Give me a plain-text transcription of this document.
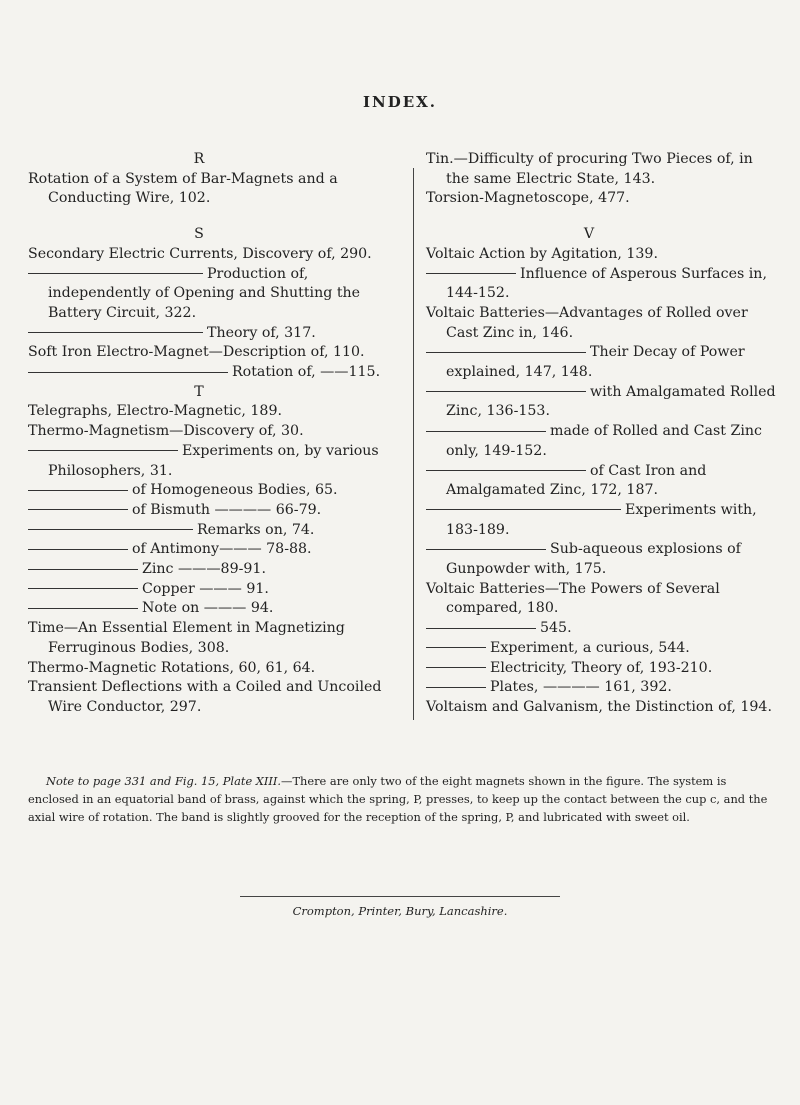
INDEX.

R

Rotation of a System of Bar-Magnets and a Conducting Wire, 102.

S

Secondary Electric Currents, Discovery of, 290.

Production of, independently of Opening and Shutting the Battery Circuit, 322.

Theory of, 317.

Soft Iron Electro-Magnet—Description of, 110.

Rotation of, ——115.

T

Telegraphs, Electro-Magnetic, 189.

Thermo-Magnetism—Discovery of, 30.

Experiments on, by various Philosophers, 31.

of Homogeneous Bodies, 65.

of Bismuth ———— 66-79.

Remarks on, 74.

of Antimony——— 78-88.

Zinc ———89-91.

Copper ——— 91.

Note on ——— 94.

Time—An Essential Element in Magnetizing Ferruginous Bodies, 308.

Thermo-Magnetic Rotations, 60, 61, 64.

Transient Deflections with a Coiled and Uncoiled Wire Conductor, 297.

Tin.—Difficulty of procuring Two Pieces of, in the same Electric State, 143.

Torsion-Magnetoscope, 477.

V

Voltaic Action by Agitation, 139.

Influence of Asperous Surfaces in, 144-152.

Voltaic Batteries—Advantages of Rolled over Cast Zinc in, 146.

Their Decay of Power explained, 147, 148.

with Amalgamated Rolled Zinc, 136-153.

made of Rolled and Cast Zinc only, 149-152.

of Cast Iron and Amalgamated Zinc, 172, 187.

Experiments with, 183-189.

Sub-aqueous explosions of Gunpowder with, 175.

Voltaic Batteries—The Powers of Several compared, 180.

545.

Experiment, a curious, 544.

Electricity, Theory of, 193-210.

Plates, ———— 161, 392.

Voltaism and Galvanism, the Distinction of, 194.

Note to page 331 and Fig. 15, Plate XIII.—There are only two of the eight magnets shown in the figure. The system is enclosed in an equatorial band of brass, against which the spring, P, presses, to keep up the contact between the cup c, and the axial wire of rotation. The band is slightly grooved for the reception of the spring, P, and lubricated with sweet oil.
Crompton, Printer, Bury, Lancashire.
